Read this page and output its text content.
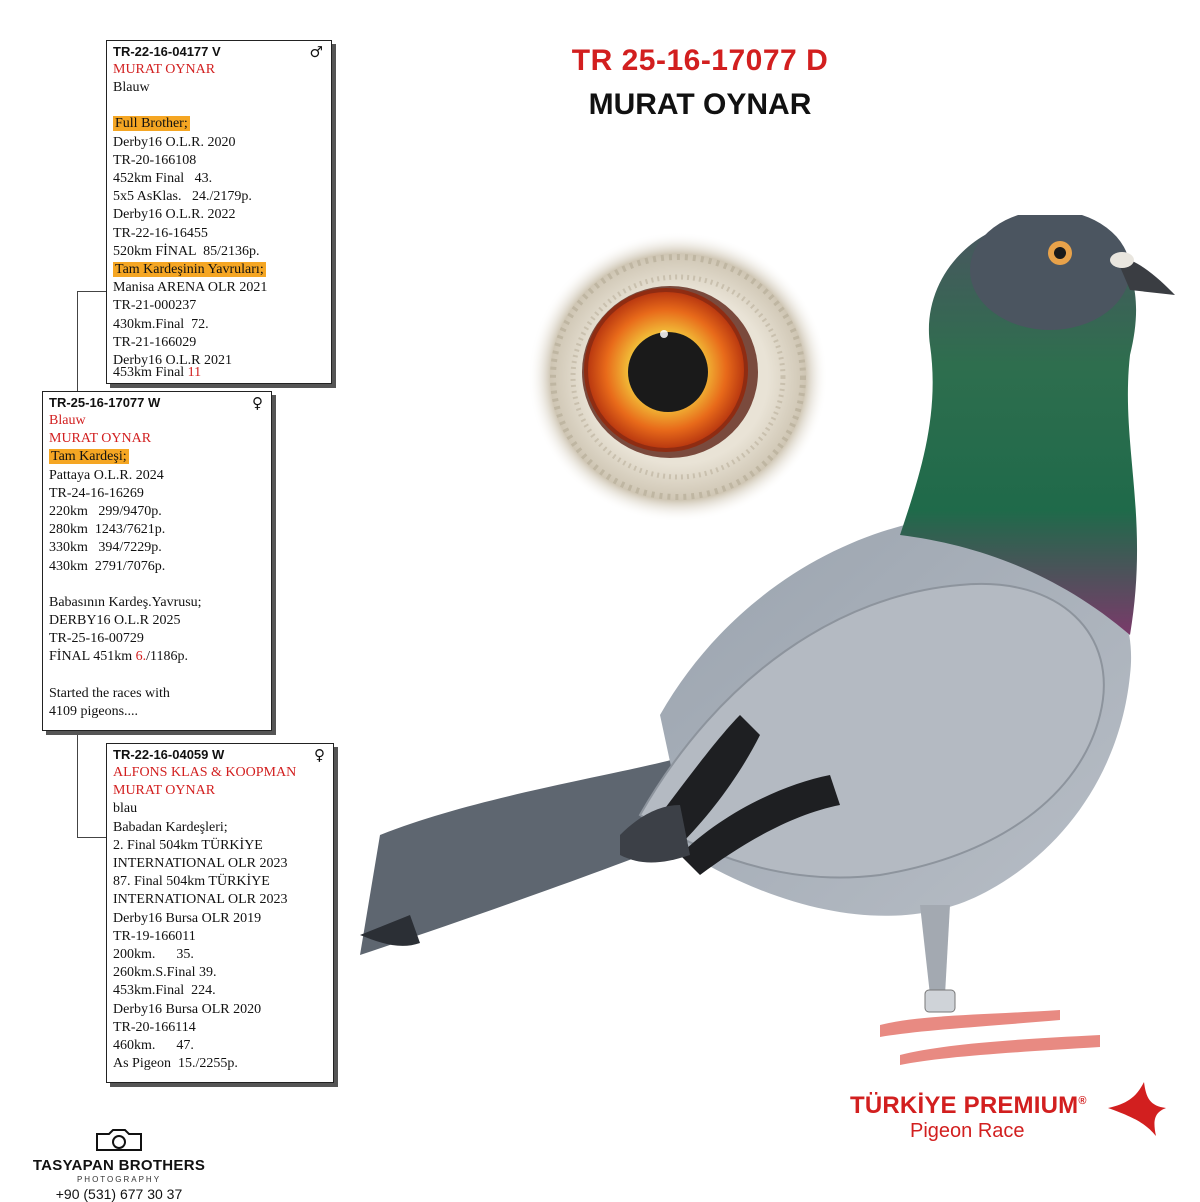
TR 25-16-17077 D
MURAT OYNAR
TR-22-16-04177 V	♂
MURAT OYNAR
Blauw
Full Brother;
Derby16 O.L.R. 2020
TR-20-166108
452km Final   43.
5x5 AsKlas.   24./2179p.
Derby16 O.L.R. 2022
TR-22-16-16455
520km FİNAL  85/2136p.
Tam Kardeşinin Yavruları;
Manisa ARENA OLR 2021
TR-21-000237
430km.Final  72.
TR-21-166029
Derby16 O.L.R 2021
453km Final 11
TR-25-16-17077 W	♀
Blauw
MURAT OYNAR
Tam Kardeşi;
Pattaya O.L.R. 2024
TR-24-16-16269
220km   299/9470p.
280km  1243/7621p.
330km   394/7229p.
430km  2791/7076p.
Babasının Kardeş.Yavrusu;
DERBY16 O.L.R 2025
TR-25-16-00729
FİNAL 451km 6./1186p.
Started the races with
4109 pigeons....
TR-22-16-04059 W	♀
ALFONS KLAS & KOOPMAN
MURAT OYNAR
blau
Babadan Kardeşleri;
2. Final 504km TÜRKİYE
INTERNATIONAL OLR 2023
87. Final 504km TÜRKİYE
INTERNATIONAL OLR 2023
Derby16 Bursa OLR 2019
TR-19-166011
200km.      35.
260km.S.Final 39.
453km.Final  224.
Derby16 Bursa OLR 2020
TR-20-166114
460km.      47.
As Pigeon  15./2255p.
TASYAPAN BROTHERS
PHOTOGRAPHY
+90 (531) 677 30 37
TÜRKİYE PREMIUM®
Pigeon Race
